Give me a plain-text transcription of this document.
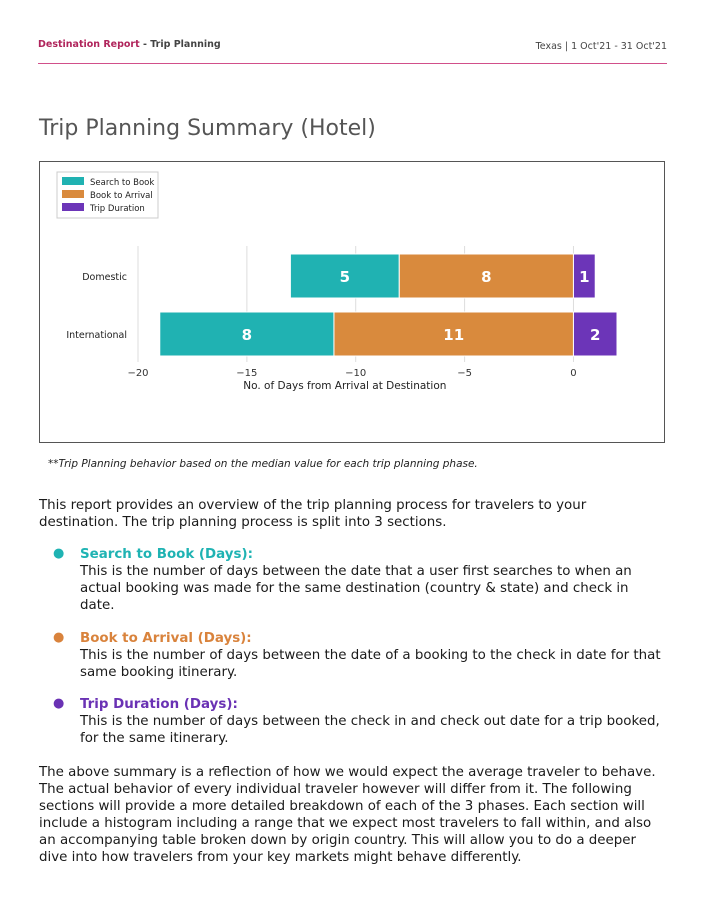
Destination Report - Trip Planning	Texas | 1 Oct'21 - 31 Oct'21
Trip Planning Summary (Hotel)
−20	−15	−10	−5	0
No. of Days from Arrival at Destination
Domestic	5	8	1
International	8	11	2
Search to Book
Book to Arrival
Trip Duration
**Trip Planning behavior based on the median value for each trip planning phase.

This report provides an overview of the trip planning process for travelers to your destination. The trip planning process is split into 3 sections.

● Search to Book (Days):
This is the number of days between the date that a user first searches to when an actual booking was made for the same destination (country & state) and check in date.
● Book to Arrival (Days):
This is the number of days between the date of a booking to the check in date for that same booking itinerary.
● Trip Duration (Days):
This is the number of days between the check in and check out date for a trip booked, for the same itinerary.

The above summary is a reflection of how we would expect the average traveler to behave. The actual behavior of every individual traveler however will differ from it. The following sections will provide a more detailed breakdown of each of the 3 phases. Each section will include a histogram including a range that we expect most travelers to fall within, and also an accompanying table broken down by origin country. This will allow you to do a deeper dive into how travelers from your key markets might behave differently.
